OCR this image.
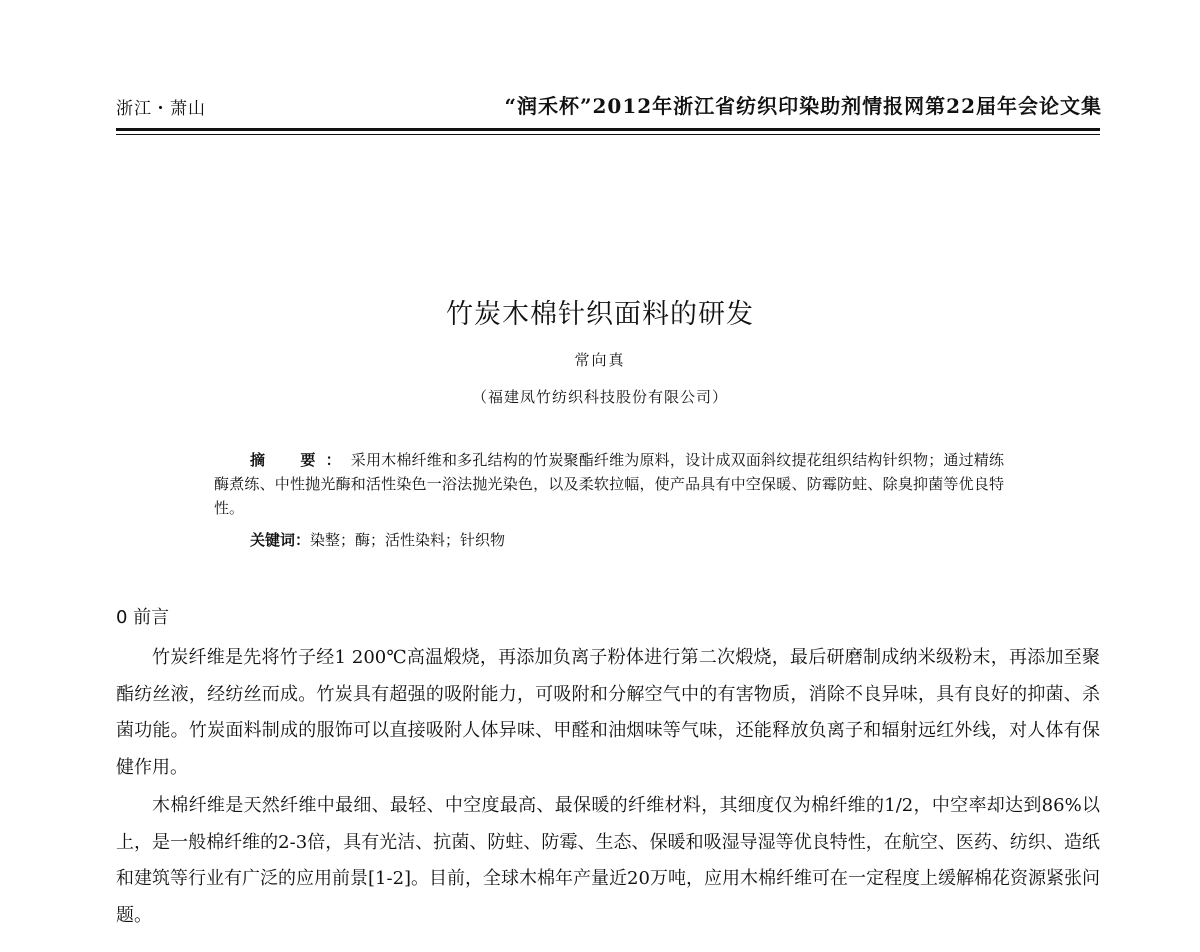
浙江・萧山	“润禾杯”2012年浙江省纺织印染助剂情报网第22届年会论文集
竹炭木棉针织面料的研发
常向真
（福建凤竹纺织科技股份有限公司）
摘　要：采用木棉纤维和多孔结构的竹炭聚酯纤维为原料，设计成双面斜纹提花组织结构针织物；通过精练酶煮练、中性抛光酶和活性染色一浴法抛光染色，以及柔软拉幅，使产品具有中空保暖、防霉防蛀、除臭抑菌等优良特性。
关键词：染整；酶；活性染料；针织物
0 前言

竹炭纤维是先将竹子经1 200℃高温煅烧，再添加负离子粉体进行第二次煅烧，最后研磨制成纳米级粉末，再添加至聚酯纺丝液，经纺丝而成。竹炭具有超强的吸附能力，可吸附和分解空气中的有害物质，消除不良异味，具有良好的抑菌、杀菌功能。竹炭面料制成的服饰可以直接吸附人体异味、甲醛和油烟味等气味，还能释放负离子和辐射远红外线，对人体有保健作用。

木棉纤维是天然纤维中最细、最轻、中空度最高、最保暖的纤维材料，其细度仅为棉纤维的1/2，中空率却达到86%以上，是一般棉纤维的2-3倍，具有光洁、抗菌、防蛀、防霉、生态、保暖和吸湿导湿等优良特性，在航空、医药、纺织、造纸和建筑等行业有广泛的应用前景[1-2]。目前，全球木棉年产量近20万吨，应用木棉纤维可在一定程度上缓解棉花资源紧张问题。
